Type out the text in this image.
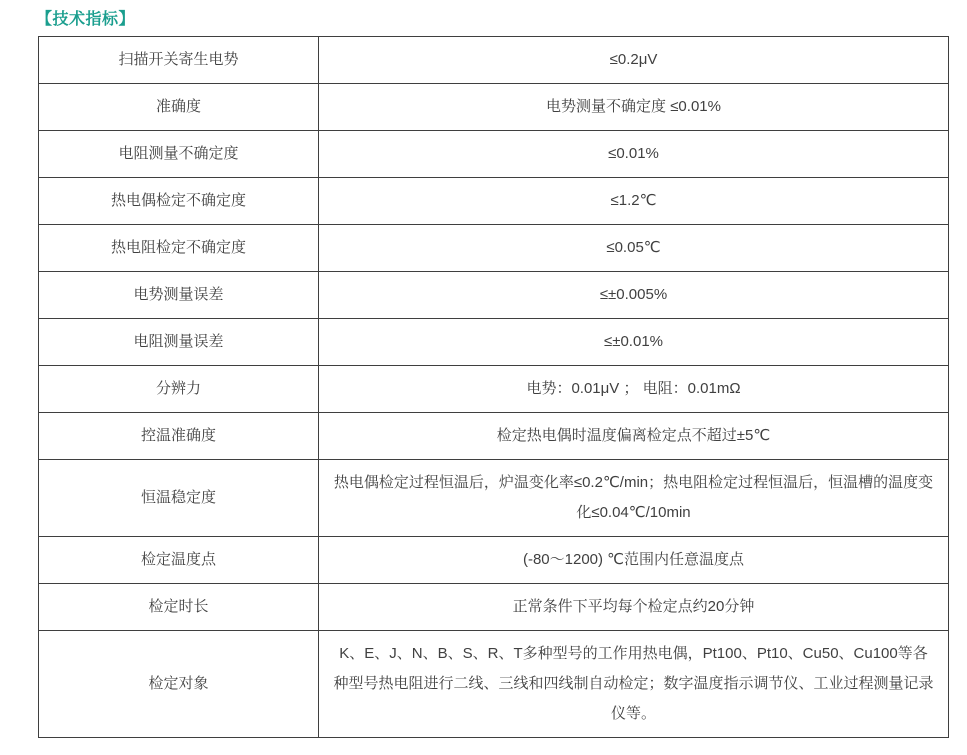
【技术指标】
扫描开关寄生电势	≤0.2μV
准确度	电势测量不确定度 ≤0.01%
电阻测量不确定度	≤0.01%
热电偶检定不确定度	≤1.2℃
热电阻检定不确定度	≤0.05℃
电势测量误差	≤±0.005%
电阻测量误差	≤±0.01%
分辨力	电势：0.01μV ； 电阻：0.01mΩ
控温准确度	检定热电偶时温度偏离检定点不超过±5℃
恒温稳定度	热电偶检定过程恒温后，炉温变化率≤0.2℃/min；热电阻检定过程恒温后，恒温槽的温度变化≤0.04℃/10min
检定温度点	(-80～1200) ℃范围内任意温度点
检定时长	正常条件下平均每个检定点约20分钟
检定对象	K、E、J、N、B、S、R、T多种型号的工作用热电偶，Pt100、Pt10、Cu50、Cu100等各种型号热电阻进行二线、三线和四线制自动检定；数字温度指示调节仪、工业过程测量记录仪等。
